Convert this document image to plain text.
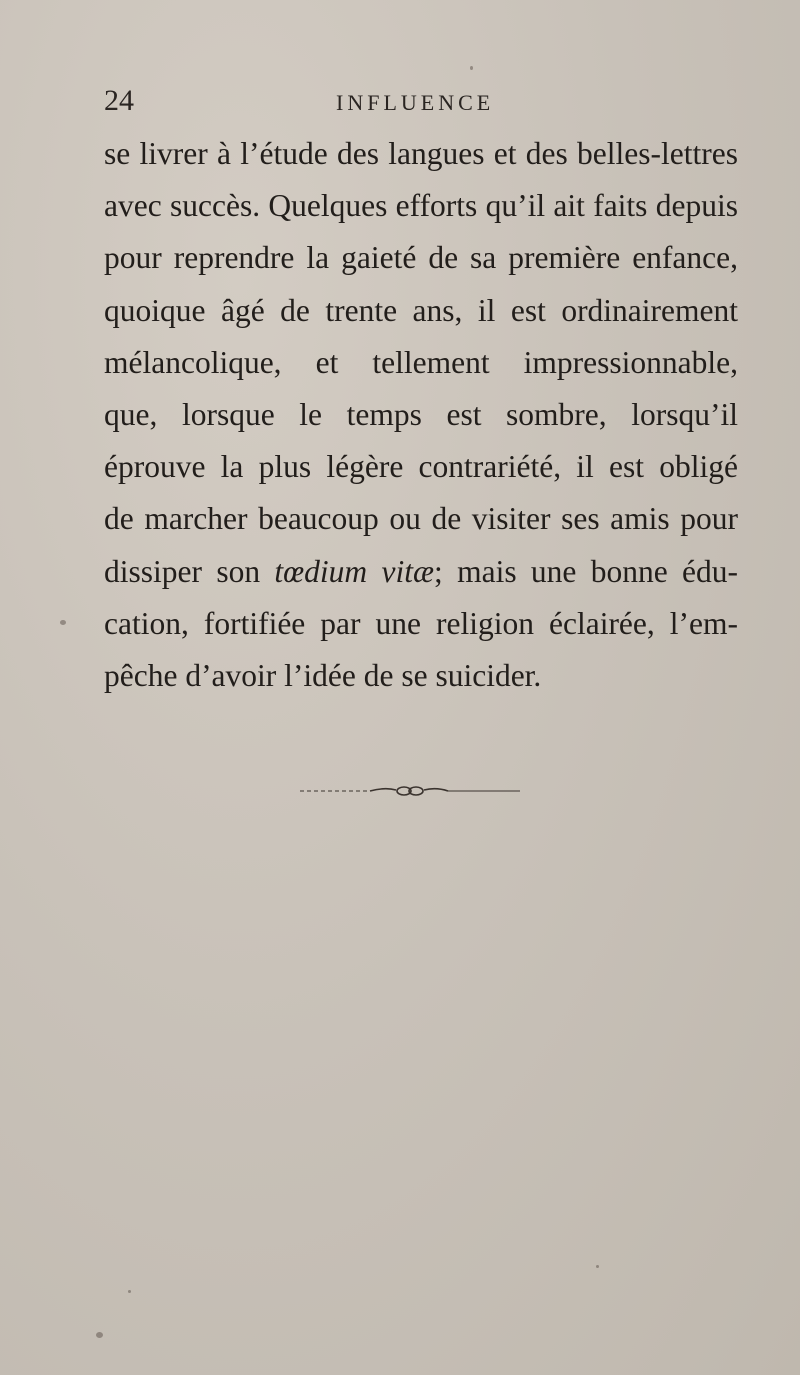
24	INFLUENCE
se livrer à l’étude des langues et des belles-lettres
avec succès. Quelques efforts qu’il ait faits depuis
pour reprendre la gaieté de sa première enfance,
quoique âgé de trente ans, il est ordinairement
mélancolique, et tellement impressionnable,
que, lorsque le temps est sombre, lorsqu’il
éprouve la plus légère contrariété, il est obligé
de marcher beaucoup ou de visiter ses amis pour
dissiper son tœdium vitæ; mais une bonne édu-
cation, fortifiée par une religion éclairée, l’em-
pêche d’avoir l’idée de se suicider.
